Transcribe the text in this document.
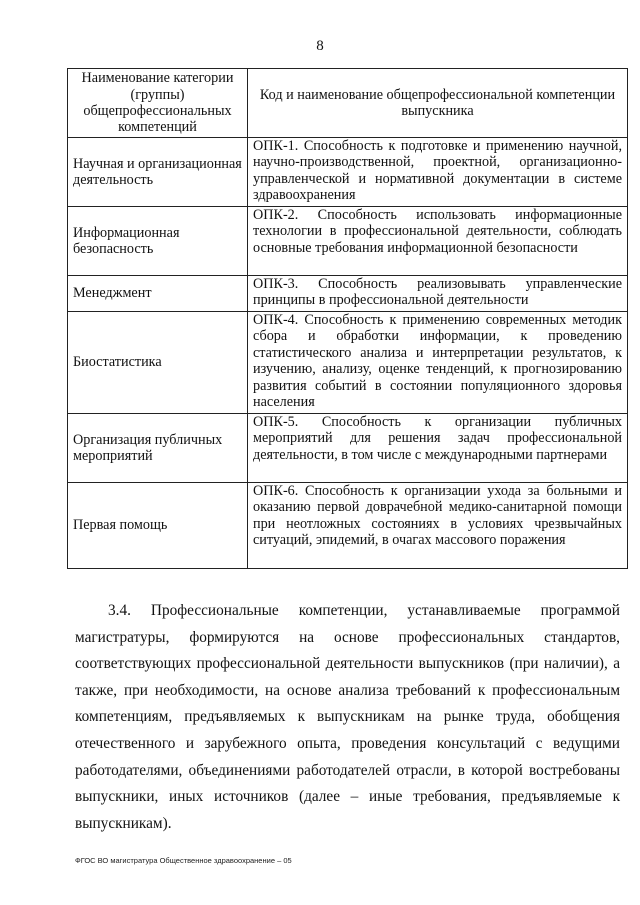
8
Наименование категории (группы) общепрофессиональных компетенций	Код и наименование общепрофессиональной компетенции выпускника
Научная и организационная деятельность	ОПК-1. Способность к подготовке и применению научной, научно-производственной, проектной, организационно-управленческой и нормативной документации в системе здравоохранения
Информационная безопасность	ОПК-2. Способность использовать информационные технологии в профессиональной деятельности, соблюдать основные требования информационной безопасности
Менеджмент	ОПК-3. Способность реализовывать управленческие принципы в профессиональной деятельности
Биостатистика	ОПК-4. Способность к применению современных методик сбора и обработки информации, к проведению статистического анализа и интерпретации результатов, к изучению, анализу, оценке тенденций, к прогнозированию развития событий в состоянии популяционного здоровья населения
Организация публичных мероприятий	ОПК-5. Способность к организации публичных мероприятий для решения задач профессиональной деятельности, в том числе с международными партнерами
Первая помощь	ОПК-6. Способность к организации ухода за больными и оказанию первой доврачебной медико-санитарной помощи при неотложных состояниях в условиях чрезвычайных ситуаций, эпидемий, в очагах массового поражения

3.4. Профессиональные компетенции, устанавливаемые программой магистратуры, формируются на основе профессиональных стандартов, соответствующих профессиональной деятельности выпускников (при наличии), а также, при необходимости, на основе анализа требований к профессиональным компетенциям, предъявляемых к выпускникам на рынке труда, обобщения отечественного и зарубежного опыта, проведения консультаций с ведущими работодателями, объединениями работодателей отрасли, в которой востребованы выпускники, иных источников (далее – иные требования, предъявляемые к выпускникам).

ФГОС ВО магистратура Общественное здравоохранение – 05
